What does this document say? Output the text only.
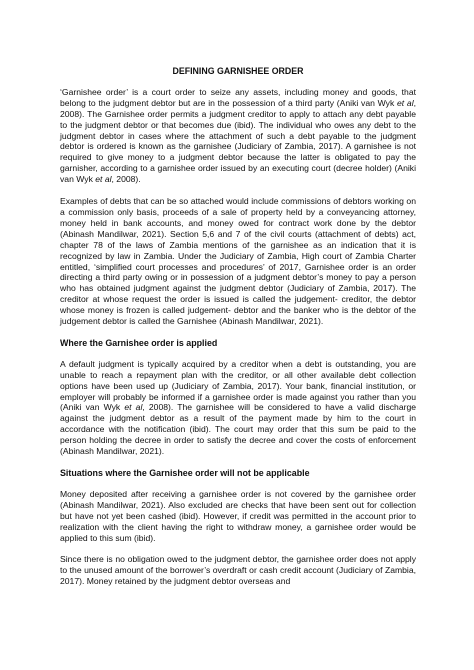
DEFINING GARNISHEE ORDER

‘Garnishee order’ is a court order to seize any assets, including money and goods, that belong to the judgment debtor but are in the possession of a third party (Aniki van Wyk et al, 2008). The Garnishee order permits a judgment creditor to apply to attach any debt payable to the judgment debtor or that becomes due (ibid). The individual who owes any debt to the judgment debtor in cases where the attachment of such a debt payable to the judgment debtor is ordered is known as the garnishee (Judiciary of Zambia, 2017). A garnishee is not required to give money to a judgment debtor because the latter is obligated to pay the garnisher, according to a garnishee order issued by an executing court (decree holder) (Aniki van Wyk et al, 2008).

Examples of debts that can be so attached would include commissions of debtors working on a commission only basis, proceeds of a sale of property held by a conveyancing attorney, money held in bank accounts, and money owed for contract work done by the debtor (Abinash Mandilwar, 2021). Section 5,6 and 7 of the civil courts (attachment of debts) act, chapter 78 of the laws of Zambia mentions of the garnishee as an indication that it is recognized by law in Zambia. Under the Judiciary of Zambia, High court of Zambia Charter entitled, ‘simplified court processes and procedures’ of 2017, Garnishee order is an order directing a third party owing or in possession of a judgment debtor’s money to pay a person who has obtained judgment against the judgment debtor (Judiciary of Zambia, 2017). The creditor at whose request the order is issued is called the judgement- creditor, the debtor whose money is frozen is called judgement- debtor and the banker who is the debtor of the judgement debtor is called the Garnishee (Abinash Mandilwar, 2021).

Where the Garnishee order is applied

A default judgment is typically acquired by a creditor when a debt is outstanding, you are unable to reach a repayment plan with the creditor, or all other available debt collection options have been used up (Judiciary of Zambia, 2017). Your bank, financial institution, or employer will probably be informed if a garnishee order is made against you rather than you (Aniki van Wyk et al, 2008). The garnishee will be considered to have a valid discharge against the judgment debtor as a result of the payment made by him to the court in accordance with the notification (ibid). The court may order that this sum be paid to the person holding the decree in order to satisfy the decree and cover the costs of enforcement (Abinash Mandilwar, 2021).

Situations where the Garnishee order will not be applicable

Money deposited after receiving a garnishee order is not covered by the garnishee order (Abinash Mandilwar, 2021). Also excluded are checks that have been sent out for collection but have not yet been cashed (ibid). However, if credit was permitted in the account prior to realization with the client having the right to withdraw money, a garnishee order would be applied to this sum (ibid).

Since there is no obligation owed to the judgment debtor, the garnishee order does not apply to the unused amount of the borrower’s overdraft or cash credit account (Judiciary of Zambia, 2017). Money retained by the judgment debtor overseas and
